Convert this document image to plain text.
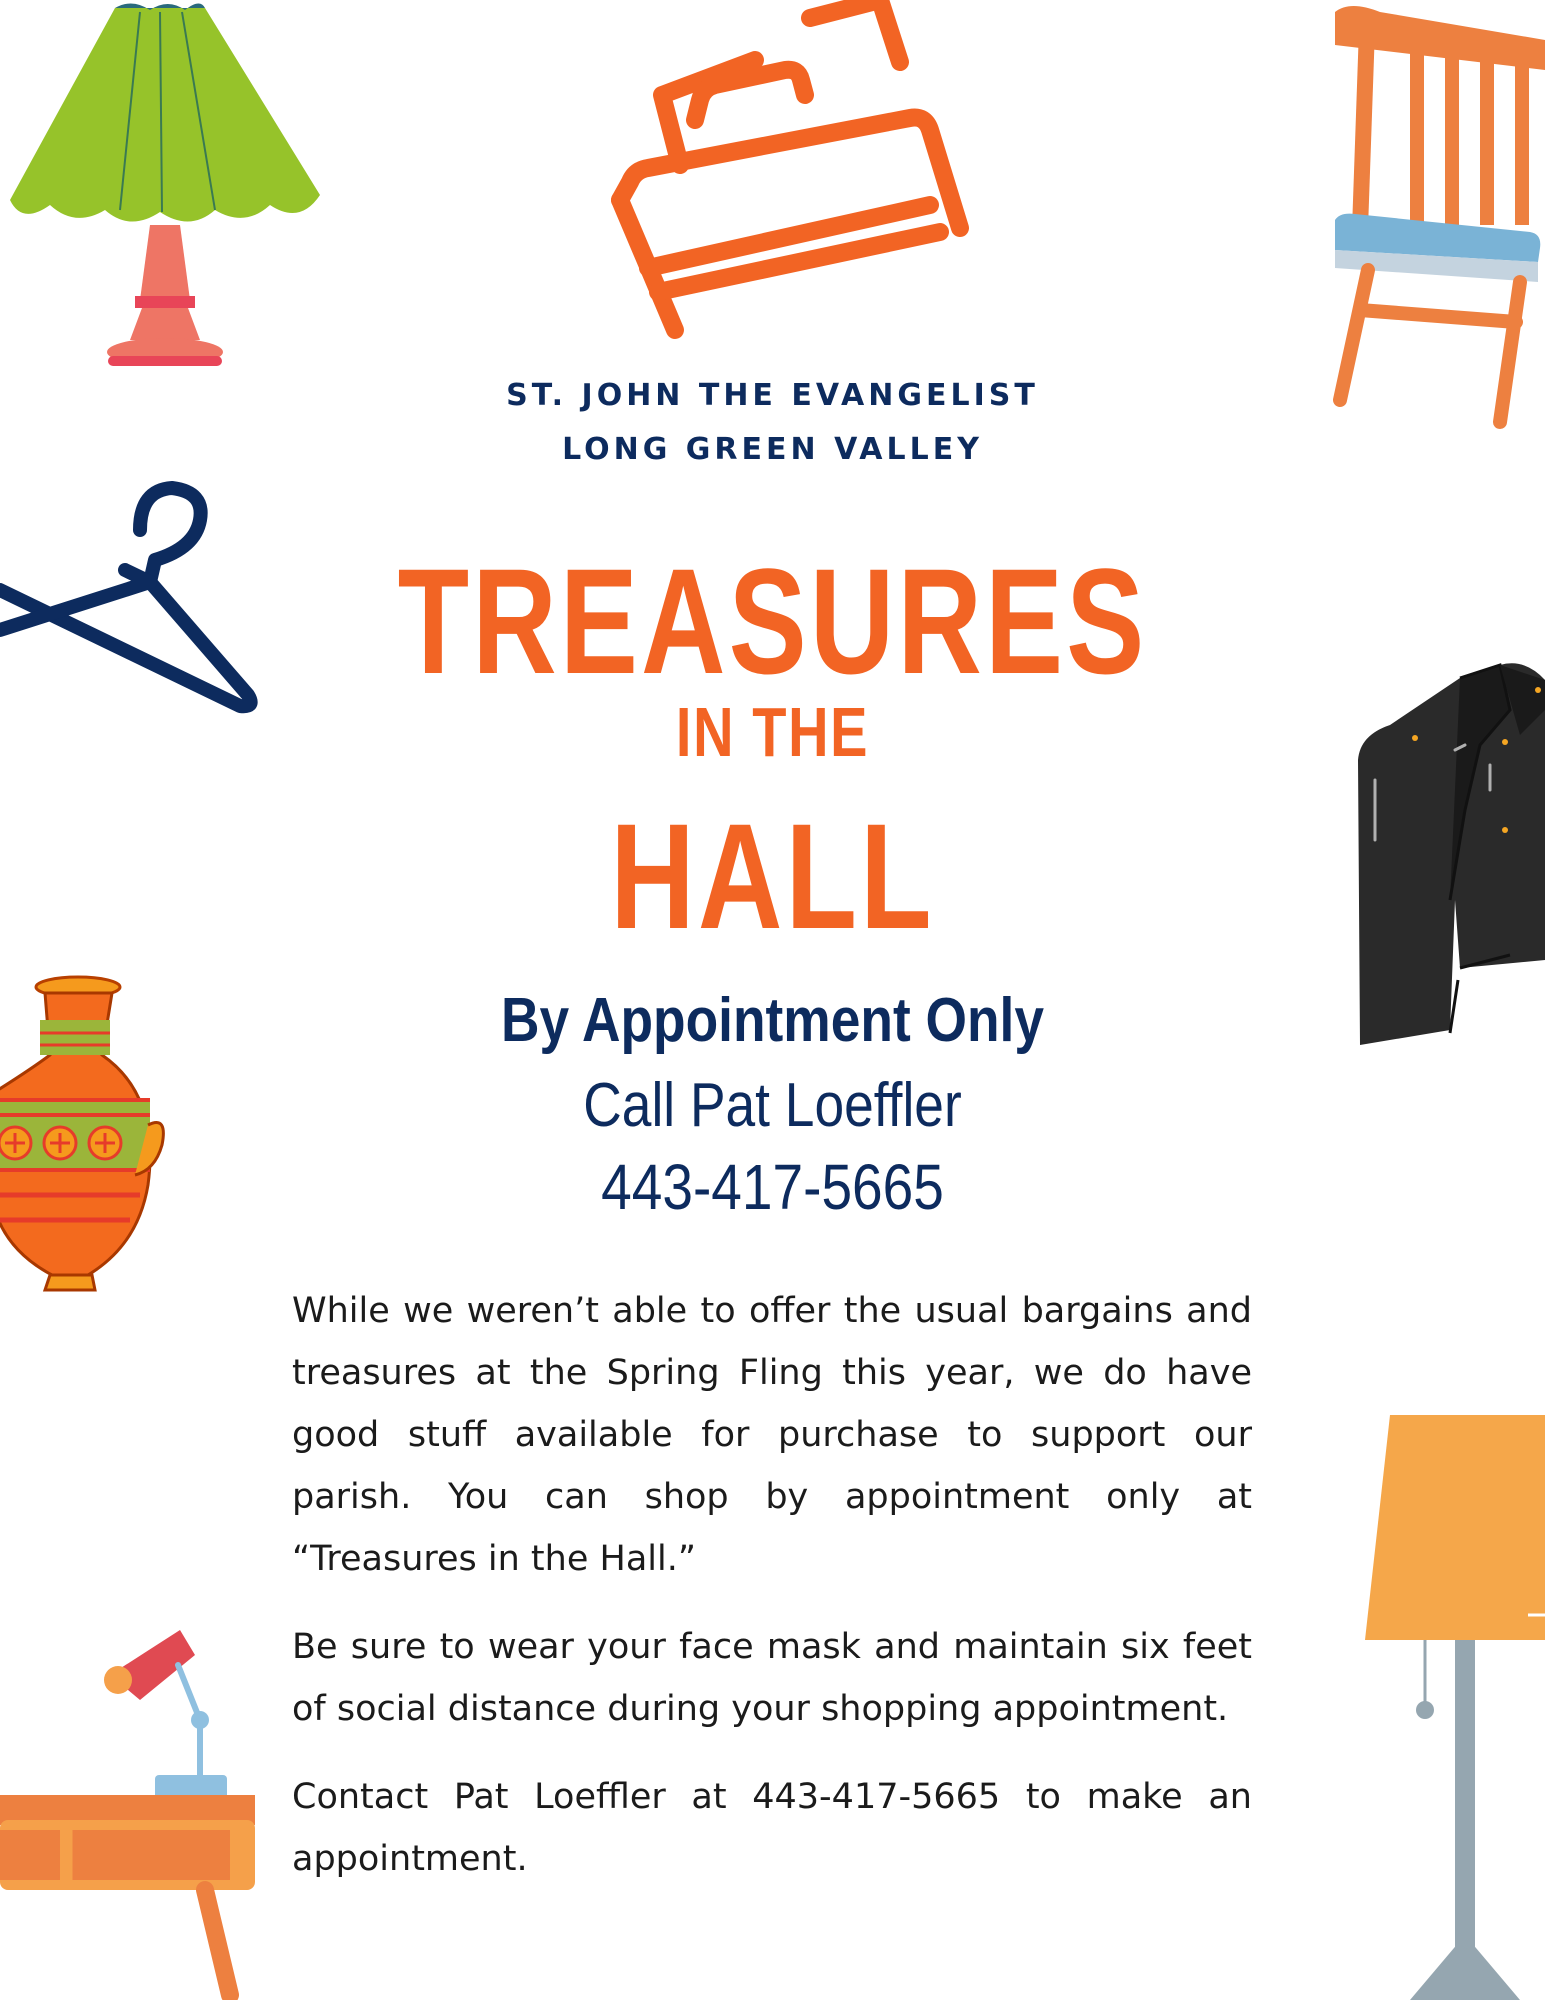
ST. JOHN THE EVANGELIST
LONG GREEN VALLEY
TREASURES
IN THE
HALL
By Appointment Only
Call Pat Loeffler
443-417-5665

While we weren’t able to offer the usual bargains and treasures at the Spring Fling this year, we do have good stuff available for purchase to support our parish. You can shop by appointment only at “Treasures in the Hall.”

Be sure to wear your face mask and maintain six feet of social distance during your shopping appointment.

Contact Pat Loeffler at 443-417-5665 to make an appointment.
